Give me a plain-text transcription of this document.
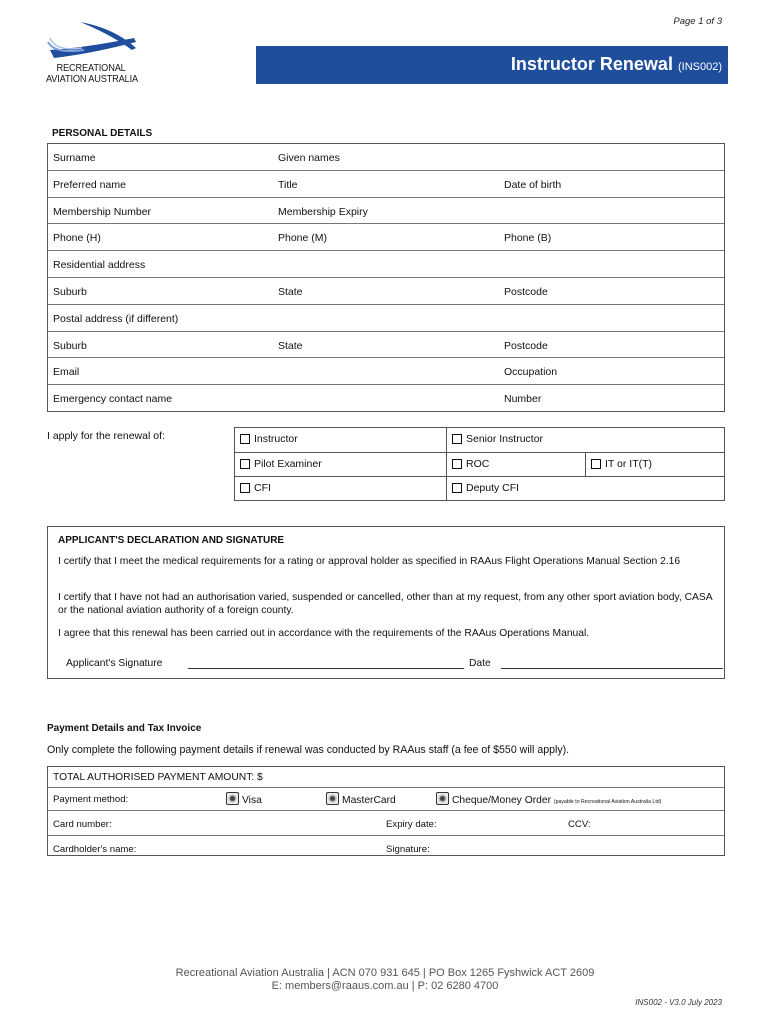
Page 1 of 3
RECREATIONAL
AVIATION AUSTRALIA
Instructor Renewal (INS002)
PERSONAL DETAILS
Surname	Given names
Preferred name	Title	Date of birth
Membership Number	Membership Expiry
Phone (H)	Phone (M)	Phone (B)
Residential address
Suburb	State	Postcode
Postal address (if different)
Suburb	State	Postcode
Email	Occupation
Emergency contact name	Number
I apply for the renewal of:	Instructor	Senior Instructor
Pilot Examiner	ROC	IT or IT(T)
CFI	Deputy CFI

APPLICANT'S DECLARATION AND SIGNATURE

I certify that I meet the medical requirements for a rating or approval holder as specified in RAAus Flight Operations Manual Section 2.16

I certify that I have not had an authorisation varied, suspended or cancelled, other than at my request, from any other sport aviation body, CASA or the national aviation authority of a foreign county.

I agree that this renewal has been carried out in accordance with the requirements of the RAAus Operations Manual.

Applicant's Signature	Date
Payment Details and Tax Invoice
Only complete the following payment details if renewal was conducted by RAAus staff (a fee of $550 will apply).
TOTAL AUTHORISED PAYMENT AMOUNT: $
Payment method:	Visa	MasterCard	Cheque/Money Order (payable to Recreational Aviation Australia Ltd)
Card number:	Expiry date:	CCV:
Cardholder's name:	Signature:
Recreational Aviation Australia | ACN 070 931 645 | PO Box 1265 Fyshwick ACT 2609
E: members@raaus.com.au | P: 02 6280 4700
INS002 - V3.0 July 2023
